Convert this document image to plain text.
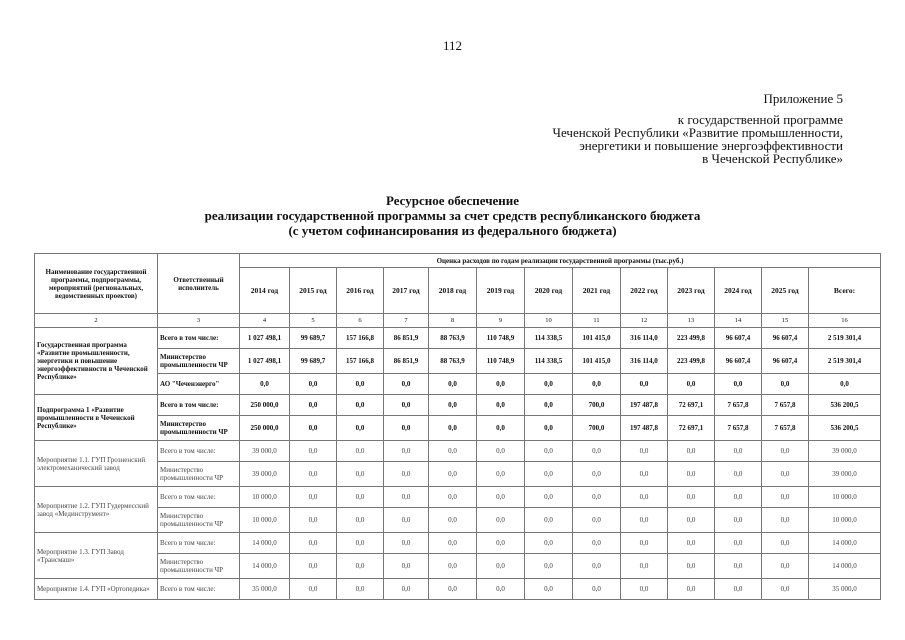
112
Приложение 5
к государственной программе
Чеченской Республики «Развитие промышленности,
энергетики и повышение энергоэффективности
в Чеченской Республике»
Ресурсное обеспечение
реализации государственной программы за счет средств республиканского бюджета
(с учетом софинансирования из федерального бюджета)
Наименование государственной программы, подпрограммы, мероприятий (региональных, ведомственных проектов)	Ответственный исполнитель	Оценка расходов по годам реализации государственной программы (тыс.руб.)												
		2014 год	2015 год	2016 год	2017 год	2018 год	2019 год	2020 год	2021 год	2022 год	2023 год	2024 год	2025 год	Всего:
2	3	4	5	6	7	8	9	10	11	12	13	14	15	16
Государственная программа «Развитие промышленности, энергетики и повышение энергоэффективности в Чеченской Республике»	Всего в том числе:	1 027 498,1	99 689,7	157 166,8	86 851,9	88 763,9	110 748,9	114 338,5	101 415,0	316 114,0	223 499,8	96 607,4	96 607,4	2 519 301,4
	Министерство промышленности ЧР	1 027 498,1	99 689,7	157 166,8	86 851,9	88 763,9	110 748,9	114 338,5	101 415,0	316 114,0	223 499,8	96 607,4	96 607,4	2 519 301,4
	АО "Чеченэнерго"	0,0	0,0	0,0	0,0	0,0	0,0	0,0	0,0	0,0	0,0	0,0	0,0	0,0
Подпрограмма 1 «Развитие промышленности в Чеченской Республике»	Всего в том числе:	250 000,0	0,0	0,0	0,0	0,0	0,0	0,0	700,0	197 487,8	72 697,1	7 657,8	7 657,8	536 200,5
	Министерство промышленности ЧР	250 000,0	0,0	0,0	0,0	0,0	0,0	0,0	700,0	197 487,8	72 697,1	7 657,8	7 657,8	536 200,5
Мероприятие 1.1. ГУП Грозненский электромеханический завод	Всего в том числе:	39 000,0	0,0	0,0	0,0	0,0	0,0	0,0	0,0	0,0	0,0	0,0	0,0	39 000,0
	Министерство промышленности ЧР	39 000,0	0,0	0,0	0,0	0,0	0,0	0,0	0,0	0,0	0,0	0,0	0,0	39 000,0
Мероприятие 1.2. ГУП Гудермесский завод «Мединструмент»	Всего в том числе:	10 000,0	0,0	0,0	0,0	0,0	0,0	0,0	0,0	0,0	0,0	0,0	0,0	10 000,0
	Министерство промышленности ЧР	10 000,0	0,0	0,0	0,0	0,0	0,0	0,0	0,0	0,0	0,0	0,0	0,0	10 000,0
Мероприятие 1.3. ГУП Завод «Трансмаш»	Всего в том числе:	14 000,0	0,0	0,0	0,0	0,0	0,0	0,0	0,0	0,0	0,0	0,0	0,0	14 000,0
	Министерство промышленности ЧР	14 000,0	0,0	0,0	0,0	0,0	0,0	0,0	0,0	0,0	0,0	0,0	0,0	14 000,0
Мероприятие 1.4. ГУП «Ортопедика»	Всего в том числе:	35 000,0	0,0	0,0	0,0	0,0	0,0	0,0	0,0	0,0	0,0	0,0	0,0	35 000,0
